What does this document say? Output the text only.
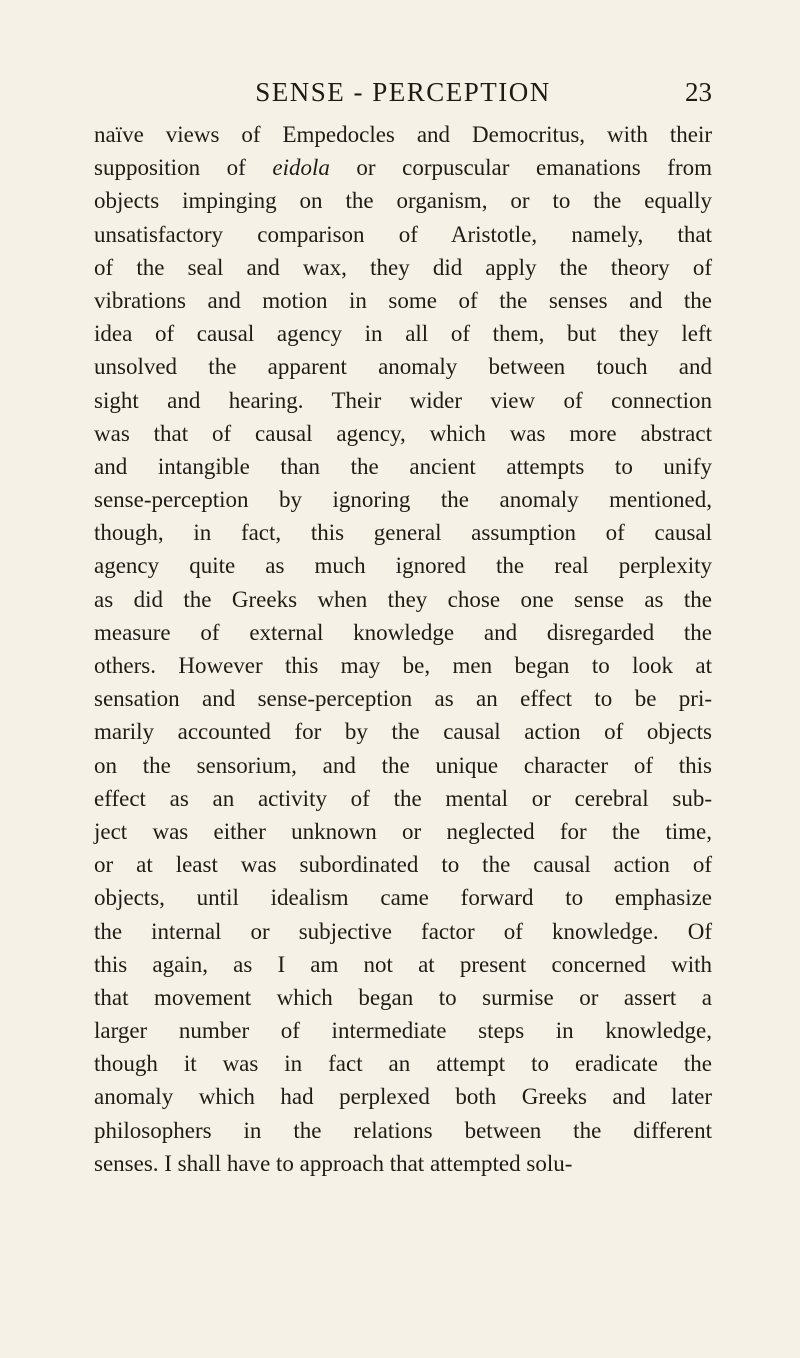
SENSE - PERCEPTION	23
naïve views of Empedocles and Democritus, with their
supposition of eidola or corpuscular emanations from
objects impinging on the organism, or to the equally
unsatisfactory comparison of Aristotle, namely, that
of the seal and wax, they did apply the theory of
vibrations and motion in some of the senses and the
idea of causal agency in all of them, but they left
unsolved the apparent anomaly between touch and
sight and hearing. Their wider view of connection
was that of causal agency, which was more abstract
and intangible than the ancient attempts to unify
sense-perception by ignoring the anomaly mentioned,
though, in fact, this general assumption of causal
agency quite as much ignored the real perplexity
as did the Greeks when they chose one sense as the
measure of external knowledge and disregarded the
others. However this may be, men began to look at
sensation and sense-perception as an effect to be pri-
marily accounted for by the causal action of objects
on the sensorium, and the unique character of this
effect as an activity of the mental or cerebral sub-
ject was either unknown or neglected for the time,
or at least was subordinated to the causal action of
objects, until idealism came forward to emphasize
the internal or subjective factor of knowledge. Of
this again, as I am not at present concerned with
that movement which began to surmise or assert a
larger number of intermediate steps in knowledge,
though it was in fact an attempt to eradicate the
anomaly which had perplexed both Greeks and later
philosophers in the relations between the different
senses. I shall have to approach that attempted solu-
